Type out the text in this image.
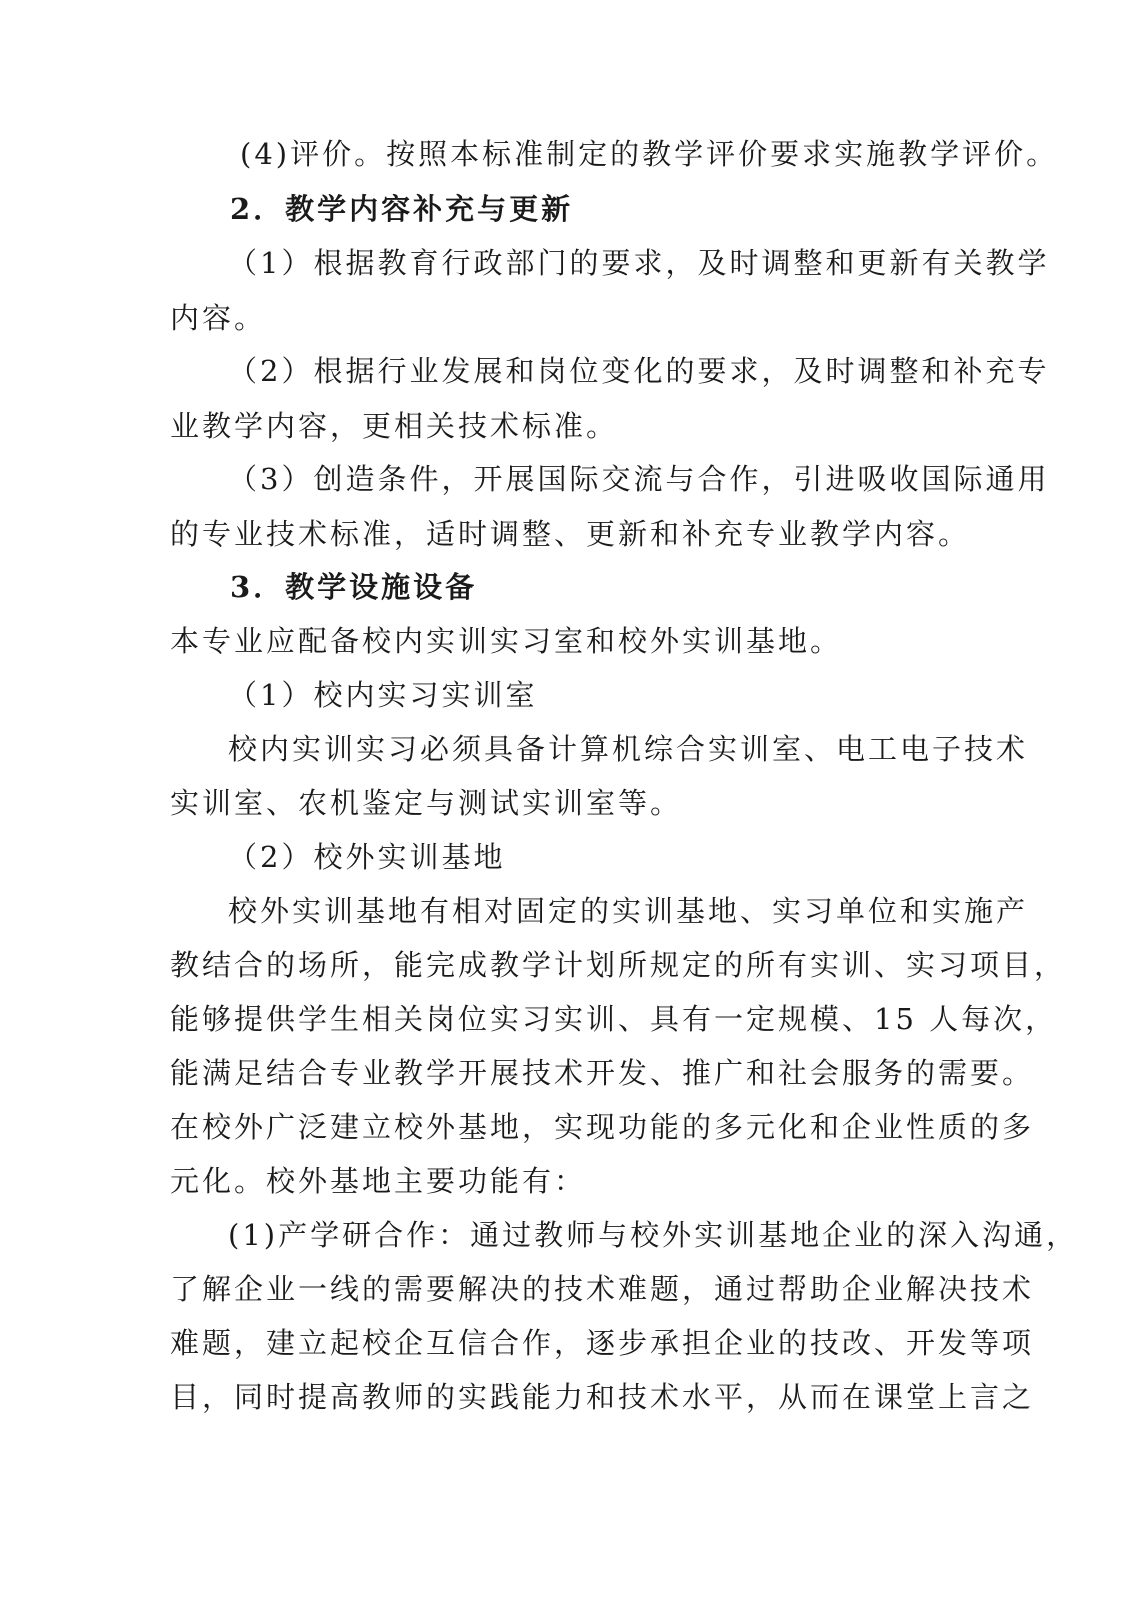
(4)评价。按照本标准制定的教学评价要求实施教学评价。

2．教学内容补充与更新

（1）根据教育行政部门的要求，及时调整和更新有关教学

内容。

（2）根据行业发展和岗位变化的要求，及时调整和补充专

业教学内容，更相关技术标准。

（3）创造条件，开展国际交流与合作，引进吸收国际通用

的专业技术标准，适时调整、更新和补充专业教学内容。

3．教学设施设备

本专业应配备校内实训实习室和校外实训基地。

（1）校内实习实训室

校内实训实习必须具备计算机综合实训室、电工电子技术

实训室、农机鉴定与测试实训室等。

（2）校外实训基地

校外实训基地有相对固定的实训基地、实习单位和实施产

教结合的场所，能完成教学计划所规定的所有实训、实习项目，

能够提供学生相关岗位实习实训、具有一定规模、15 人每次，

能满足结合专业教学开展技术开发、推广和社会服务的需要。

在校外广泛建立校外基地，实现功能的多元化和企业性质的多

元化。校外基地主要功能有：

(1)产学研合作：通过教师与校外实训基地企业的深入沟通，

了解企业一线的需要解决的技术难题，通过帮助企业解决技术

难题，建立起校企互信合作，逐步承担企业的技改、开发等项

目，同时提高教师的实践能力和技术水平，从而在课堂上言之
